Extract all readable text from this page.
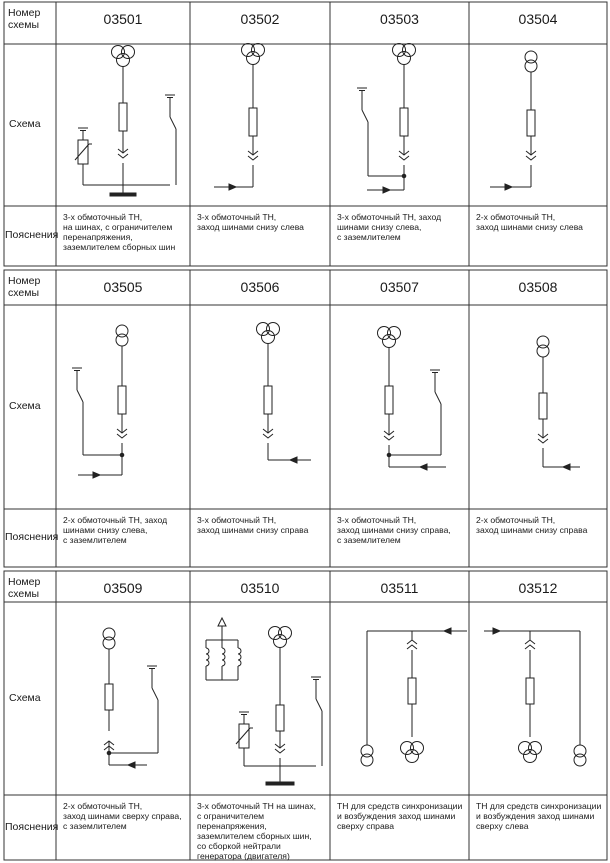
Номер
схемы
Схема
Пояснения
Номер
схемы
Схема
Пояснения
Номер
схемы
Схема
Пояснения
03501
3-х обмоточный ТН,
на шинах, с ограничителем
перенапряжения,
заземлителем сборных шин
03502
3-х обмоточный ТН,
заход шинами снизу слева
03503
3-х обмоточный ТН, заход
шинами снизу слева,
с заземлителем
03504
2-х обмоточный ТН,
заход шинами снизу слева
03505
2-х обмоточный ТН, заход
шинами снизу слева,
с заземлителем
03506
3-х обмоточный ТН,
заход шинами снизу справа
03507
3-х обмоточный ТН,
заход шинами снизу справа,
с заземлителем
03508
2-х обмоточный ТН,
заход шинами снизу справа
03509
2-х обмоточный ТН,
заход шинами сверху справа,
с заземлителем
03510
3-х обмоточный ТН на шинах,
с ограничителем перенапряжения,
заземлителем сборных шин,
со сборкой нейтрали
генератора (двигателя)
03511
ТН для средств синхронизации
и возбуждения заход шинами
сверху справа
03512
ТН для средств синхронизации
и возбуждения заход шинами
сверху слева
